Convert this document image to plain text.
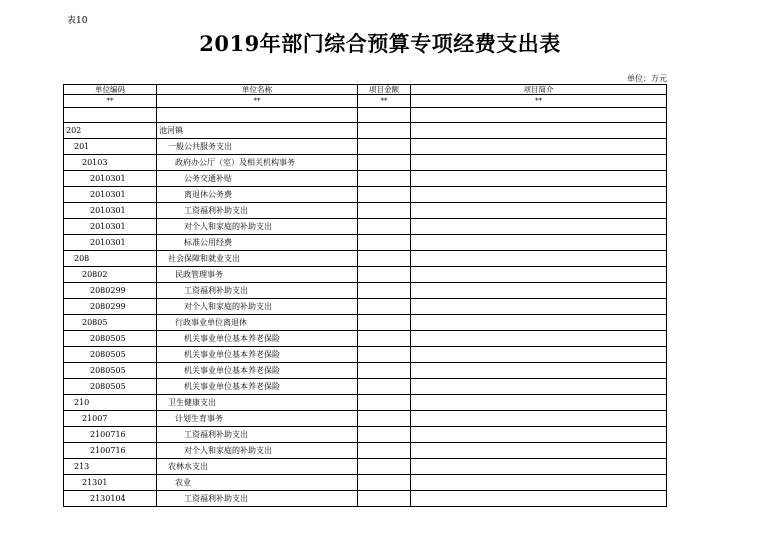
表10
2019年部门综合预算专项经费支出表
单位：万元
单位编码	单位名称	项目金额	项目简介
**	**	**	**

202	池河镇		
201	一般公共服务支出		
20103	政府办公厅（室）及相关机构事务		
2010301	公务交通补贴		
2010301	离退休公务费		
2010301	工资福利补助支出		
2010301	对个人和家庭的补助支出		
2010301	标准公用经费		
208	社会保障和就业支出		
20802	民政管理事务		
2080299	工资福利补助支出		
2080299	对个人和家庭的补助支出		
20805	行政事业单位离退休		
2080505	机关事业单位基本养老保险		
2080505	机关事业单位基本养老保险		
2080505	机关事业单位基本养老保险		
2080505	机关事业单位基本养老保险		
210	卫生健康支出		
21007	计划生育事务		
2100716	工资福利补助支出		
2100716	对个人和家庭的补助支出		
213	农林水支出		
21301	农业		
2130104	工资福利补助支出		
